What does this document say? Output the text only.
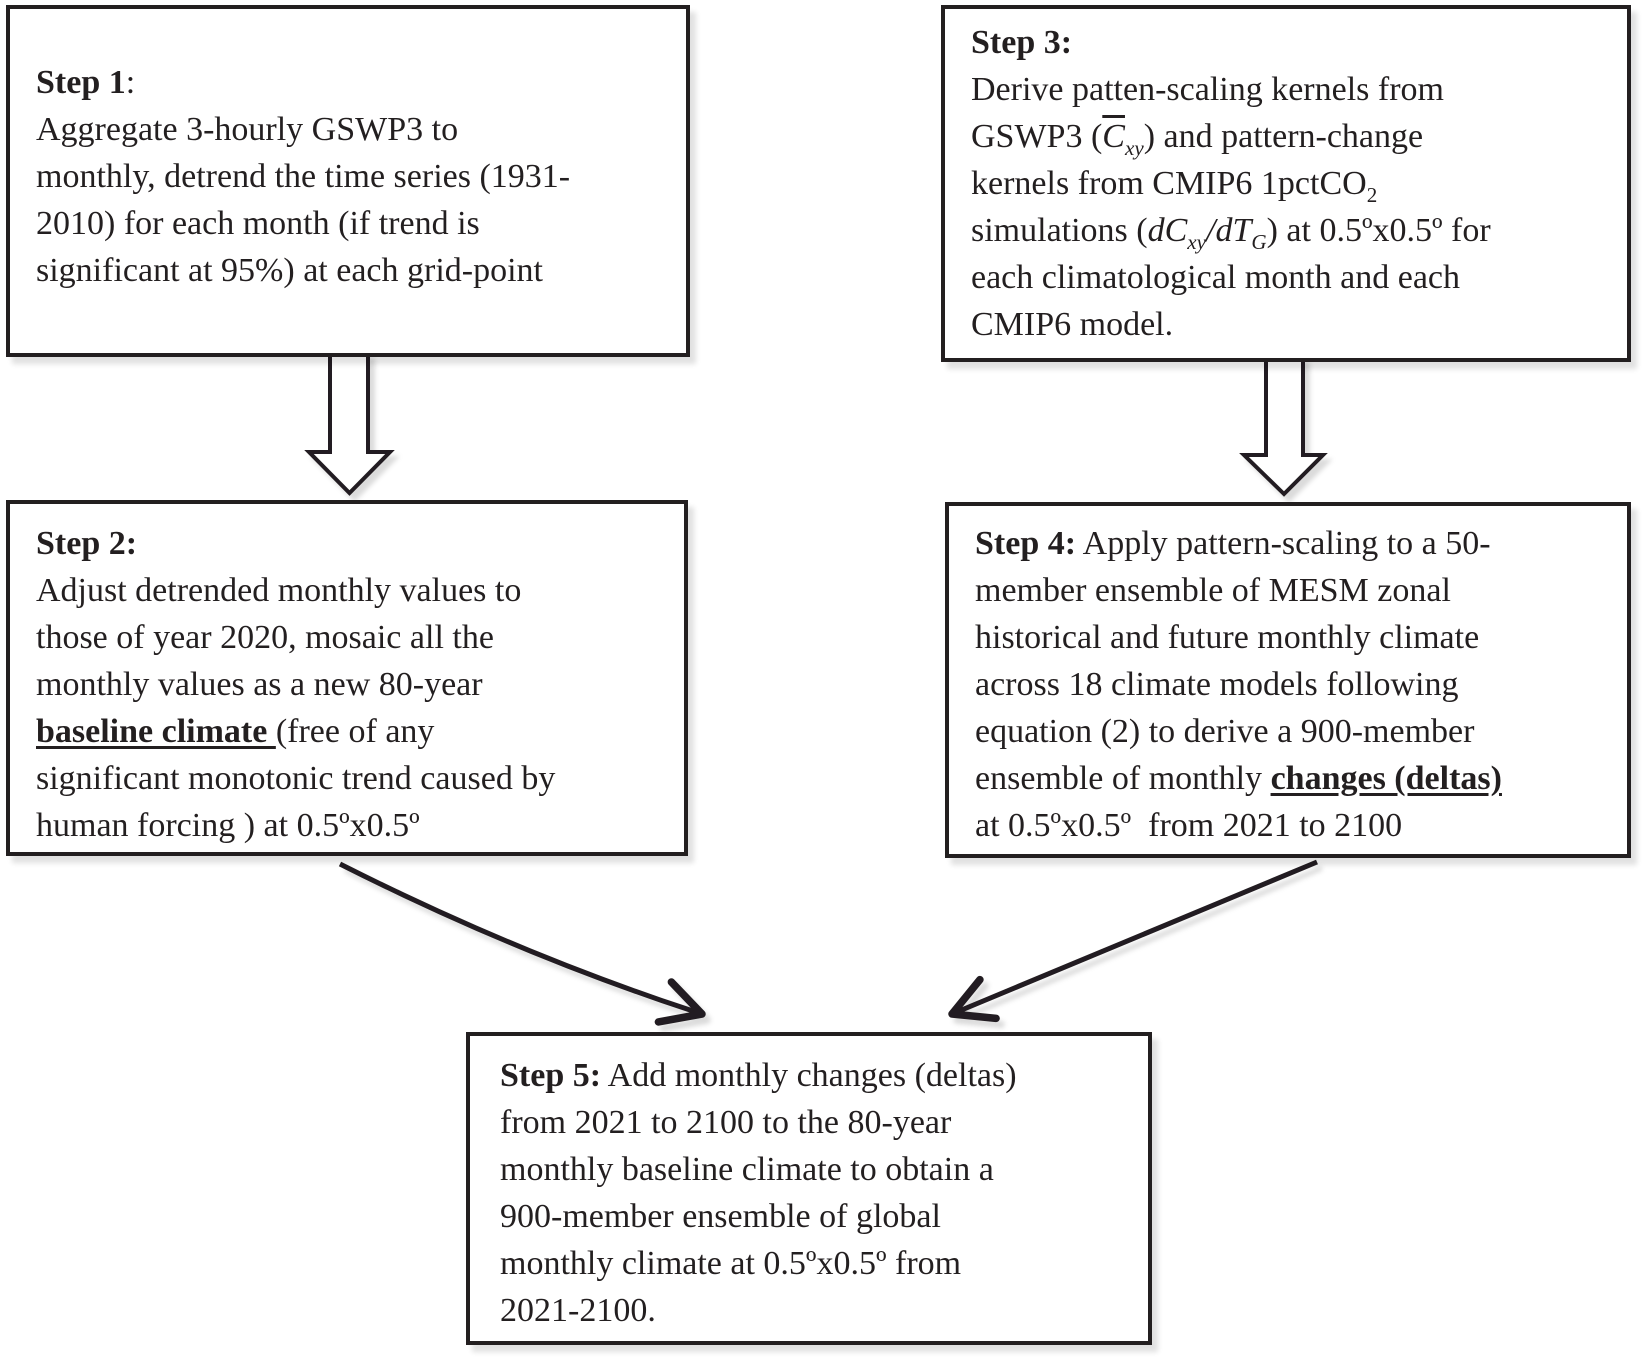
Step 1:
Aggregate 3-hourly GSWP3 to
monthly, detrend the time series (1931-
2010) for each month (if trend is
significant at 95%) at each grid-point
Step 3:
Derive patten-scaling kernels from
GSWP3 $(\overline{C}_{xy})$ and pattern-change
kernels from CMIP6 1pctCO$_2$
simulations $(dC_{xy}/dT_G)$ at 0.5ºx0.5º for
each climatological month and each
CMIP6 model.
Step 2:
Adjust detrended monthly values to
those of year 2020, mosaic all the
monthly values as a new 80-year
baseline climate (free of any
significant monotonic trend caused by
human forcing ) at 0.5ºx0.5º
Step 4: Apply pattern-scaling to a 50-
member ensemble of MESM zonal
historical and future monthly climate
across 18 climate models following
equation (2) to derive a 900-member
ensemble of monthly changes (deltas)
at 0.5ºx0.5º  from 2021 to 2100
Step 5: Add monthly changes (deltas)
from 2021 to 2100 to the 80-year
monthly baseline climate to obtain a
900-member ensemble of global
monthly climate at 0.5ºx0.5º from
2021-2100.
